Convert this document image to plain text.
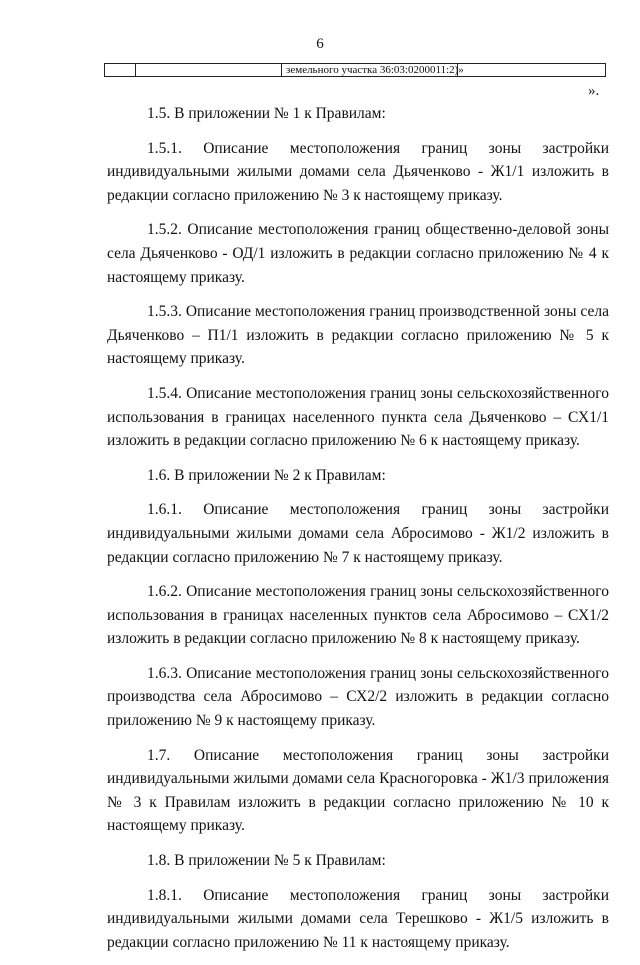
6
земельного участка 36:03:0200011:2)»
».

1.5. В приложении № 1 к Правилам:

1.5.1. Описание местоположения границ зоны застройки индивидуальными жилыми домами села Дьяченково - Ж1/1 изложить в редакции согласно приложению № 3 к настоящему приказу.

1.5.2. Описание местоположения границ общественно-деловой зоны села Дьяченково - ОД/1 изложить в редакции согласно приложению № 4 к настоящему приказу.

1.5.3. Описание местоположения границ производственной зоны села Дьяченково – П1/1 изложить в редакции согласно приложению № 5 к настоящему приказу.

1.5.4. Описание местоположения границ зоны сельскохозяйственного использования в границах населенного пункта села Дьяченково – СХ1/1 изложить в редакции согласно приложению № 6 к настоящему приказу.

1.6. В приложении № 2 к Правилам:

1.6.1. Описание местоположения границ зоны застройки индивидуальными жилыми домами села Абросимово - Ж1/2 изложить в редакции согласно приложению № 7 к настоящему приказу.

1.6.2. Описание местоположения границ зоны сельскохозяйственного использования в границах населенных пунктов села Абросимово – СХ1/2 изложить в редакции согласно приложению № 8 к настоящему приказу.

1.6.3. Описание местоположения границ зоны сельскохозяйственного производства села Абросимово – СХ2/2 изложить в редакции согласно приложению № 9 к настоящему приказу.

1.7. Описание местоположения границ зоны застройки индивидуальными жилыми домами села Красногоровка - Ж1/3 приложения № 3 к Правилам изложить в редакции согласно приложению № 10 к настоящему приказу.

1.8. В приложении № 5 к Правилам:

1.8.1. Описание местоположения границ зоны застройки индивидуальными жилыми домами села Терешково - Ж1/5 изложить в редакции согласно приложению № 11 к настоящему приказу.
